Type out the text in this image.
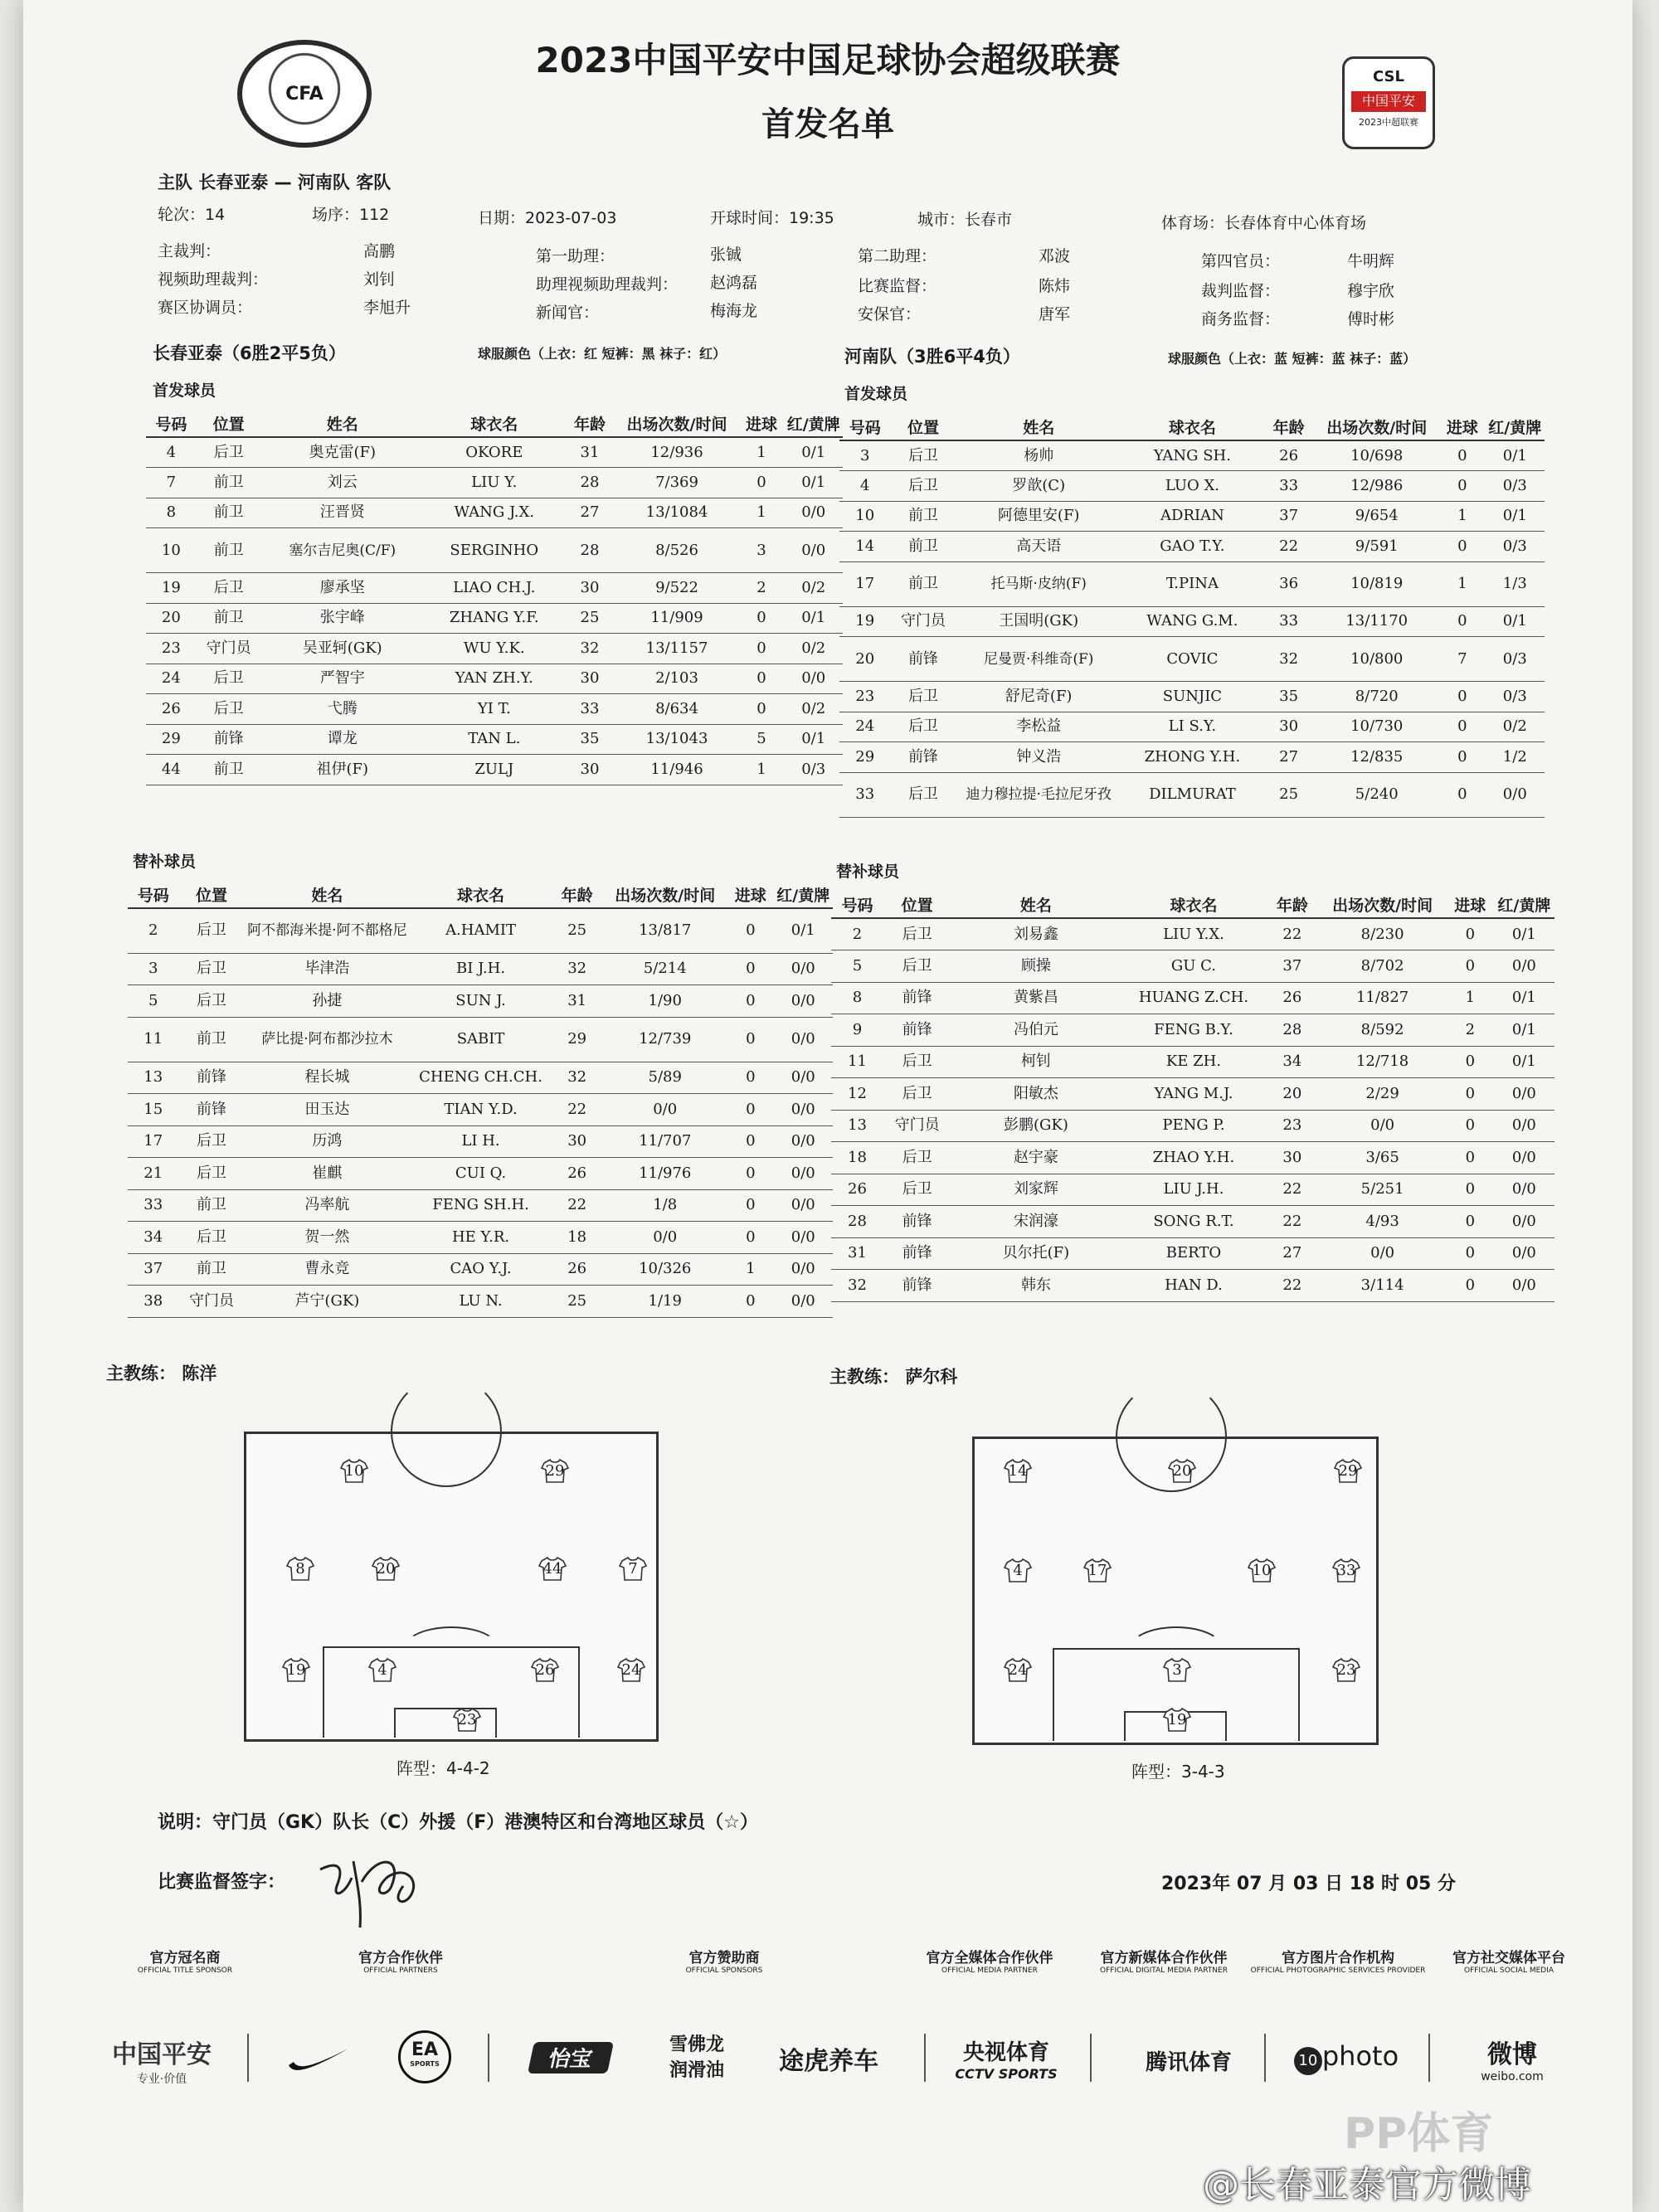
CFA
2023中国平安中国足球协会超级联赛
首发名单
CSL
中国平安
2023中超联赛
主队 长春亚泰 — 河南队 客队
轮次：14	场序：112	日期：2023-07-03	开球时间：19:35	城市：长春市	体育场：长春体育中心体育场
主裁判：	高鹏	第一助理：	张铖	第二助理：	邓波	第四官员：	牛明辉
视频助理裁判：	刘钊	助理视频助理裁判： 赵鸿磊	比赛监督：	陈炜	裁判监督：	穆宇欣
赛区协调员：	李旭升	新闻官：	梅海龙	安保官：	唐军	商务监督：	傅时彬
长春亚泰（6胜2平5负）	球服颜色（上衣：红 短裤：黑 袜子：红）	河南队（3胜6平4负）	球服颜色（上衣：蓝 短裤：蓝 袜子：蓝）
首发球员	首发球员
号码	位置	姓名	球衣名	年龄	出场次数/时间	进球	红/黄牌
4	后卫	奥克雷(F)	OKORE	31	12/936	1	0/1
7	前卫	刘云	LIU Y.	28	7/369	0	0/1
8	前卫	汪晋贤	WANG J.X.	27	13/1084	1	0/0
10	前卫	塞尔吉尼奥(C/F)	SERGINHO	28	8/526	3	0/0
19	后卫	廖承坚	LIAO CH.J.	30	9/522	2	0/2
20	前卫	张宇峰	ZHANG Y.F.	25	11/909	0	0/1
23	守门员	吴亚轲(GK)	WU Y.K.	32	13/1157	0	0/2
24	后卫	严智宇	YAN ZH.Y.	30	2/103	0	0/0
26	后卫	弋腾	YI T.	33	8/634	0	0/2
29	前锋	谭龙	TAN L.	35	13/1043	5	0/1
44	前卫	祖伊(F)	ZULJ	30	11/946	1	0/3
号码	位置	姓名	球衣名	年龄	出场次数/时间	进球	红/黄牌
3	后卫	杨帅	YANG SH.	26	10/698	0	0/1
4	后卫	罗歆(C)	LUO X.	33	12/986	0	0/3
10	前卫	阿德里安(F)	ADRIAN	37	9/654	1	0/1
14	前卫	高天语	GAO T.Y.	22	9/591	0	0/3
17	前卫	托马斯·皮纳(F)	T.PINA	36	10/819	1	1/3
19	守门员	王国明(GK)	WANG G.M.	33	13/1170	0	0/1
20	前锋	尼曼贾·科维奇(F)	COVIC	32	10/800	7	0/3
23	后卫	舒尼奇(F)	SUNJIC	35	8/720	0	0/3
24	后卫	李松益	LI S.Y.	30	10/730	0	0/2
29	前锋	钟义浩	ZHONG Y.H.	27	12/835	0	1/2
33	后卫	迪力穆拉提·毛拉尼牙孜	DILMURAT	25	5/240	0	0/0
替补球员
替补球员
号码	位置	姓名	球衣名	年龄	出场次数/时间	进球	红/黄牌
2	后卫	阿不都海米提·阿不都格尼	A.HAMIT	25	13/817	0	0/1
3	后卫	毕津浩	BI J.H.	32	5/214	0	0/0
5	后卫	孙捷	SUN J.	31	1/90	0	0/0
11	前卫	萨比提·阿布都沙拉木	SABIT	29	12/739	0	0/0
13	前锋	程长城	CHENG CH.CH.	32	5/89	0	0/0
15	前锋	田玉达	TIAN Y.D.	22	0/0	0	0/0
17	后卫	历鸿	LI H.	30	11/707	0	0/0
21	后卫	崔麒	CUI Q.	26	11/976	0	0/0
33	前卫	冯率航	FENG SH.H.	22	1/8	0	0/0
34	后卫	贺一然	HE Y.R.	18	0/0	0	0/0
37	前卫	曹永竞	CAO Y.J.	26	10/326	1	0/0
38	守门员	芦宁(GK)	LU N.	25	1/19	0	0/0
号码	位置	姓名	球衣名	年龄	出场次数/时间	进球	红/黄牌
2	后卫	刘易鑫	LIU Y.X.	22	8/230	0	0/1
5	后卫	顾操	GU C.	37	8/702	0	0/0
8	前锋	黄紫昌	HUANG Z.CH.	26	11/827	1	0/1
9	前锋	冯伯元	FENG B.Y.	28	8/592	2	0/1
11	后卫	柯钊	KE ZH.	34	12/718	0	0/1
12	后卫	阳敏杰	YANG M.J.	20	2/29	0	0/0
13	守门员	彭鹏(GK)	PENG P.	23	0/0	0	0/0
18	后卫	赵宇豪	ZHAO Y.H.	30	3/65	0	0/0
26	后卫	刘家辉	LIU J.H.	22	5/251	0	0/0
28	前锋	宋润濠	SONG R.T.	22	4/93	0	0/0
31	前锋	贝尔托(F)	BERTO	27	0/0	0	0/0
32	前锋	韩东	HAN D.	22	3/114	0	0/0
主教练： 陈洋	主教练： 萨尔科
10	29
8	20	44	7
19	4	26	24
23
14	20	29
4	17	10	33
24	3	23
19
阵型：4-4-2	阵型：3-4-3
说明：守门员（GK）队长（C）外援（F）港澳特区和台湾地区球员（☆）
比赛监督签字：	2023年 07 月 03 日 18 时 05 分
官方冠名商
OFFICIAL TITLE SPONSOR
官方合作伙伴
OFFICIAL PARTNERS
官方赞助商
OFFICIAL SPONSORS
官方全媒体合作伙伴
OFFICIAL MEDIA PARTNER
官方新媒体合作伙伴
OFFICIAL DIGITAL MEDIA PARTNER
官方图片合作机构
OFFICIAL PHOTOGRAPHIC SERVICES PROVIDER
官方社交媒体平台
OFFICIAL SOCIAL MEDIA
中国平安
专业·价值
EA
SPORTS	怡宝
雪佛龙
润滑油	途虎养车	央视体育
CCTV SPORTS	腾讯体育	10 photo	微博
weibo.com
PP体育
@长春亚泰官方微博
